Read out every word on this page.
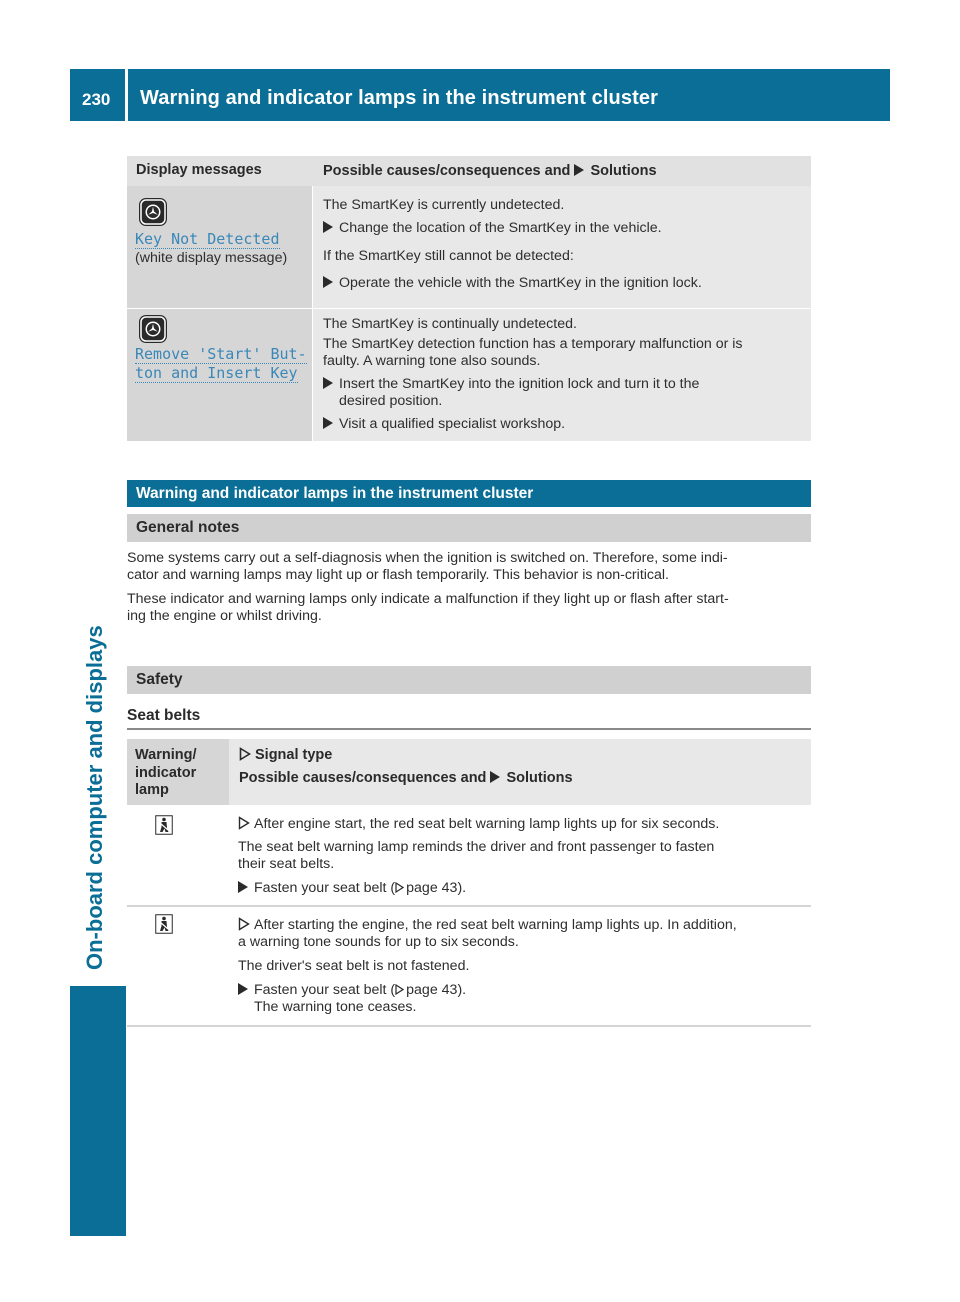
230 Warning and indicator lamps in the instrument cluster
On-board computer and displays
Display messages	Possible causes/consequences and Solutions
Key Not Detected
(white display message)
The SmartKey is currently undetected.
Change the location of the SmartKey in the vehicle.
If the SmartKey still cannot be detected:
Operate the vehicle with the SmartKey in the ignition lock.
Remove 'Start' But-
ton and Insert Key
The SmartKey is continually undetected.
The SmartKey detection function has a temporary malfunction or is
faulty. A warning tone also sounds.
Insert the SmartKey into the ignition lock and turn it to the
desired position.
Visit a qualified specialist workshop.
Warning and indicator lamps in the instrument cluster
General notes
Some systems carry out a self-diagnosis when the ignition is switched on. Therefore, some indi-
cator and warning lamps may light up or flash temporarily. This behavior is non-critical.
These indicator and warning lamps only indicate a malfunction if they light up or flash after start-
ing the engine or whilst driving.
Safety
Seat belts
Warning/
indicator
lamp
Signal type
Possible causes/consequences and Solutions
After engine start, the red seat belt warning lamp lights up for six seconds.
The seat belt warning lamp reminds the driver and front passenger to fasten
their seat belts.
Fasten your seat belt ( page 43).
After starting the engine, the red seat belt warning lamp lights up. In addition,
a warning tone sounds for up to six seconds.
The driver's seat belt is not fastened.
Fasten your seat belt ( page 43).
The warning tone ceases.
